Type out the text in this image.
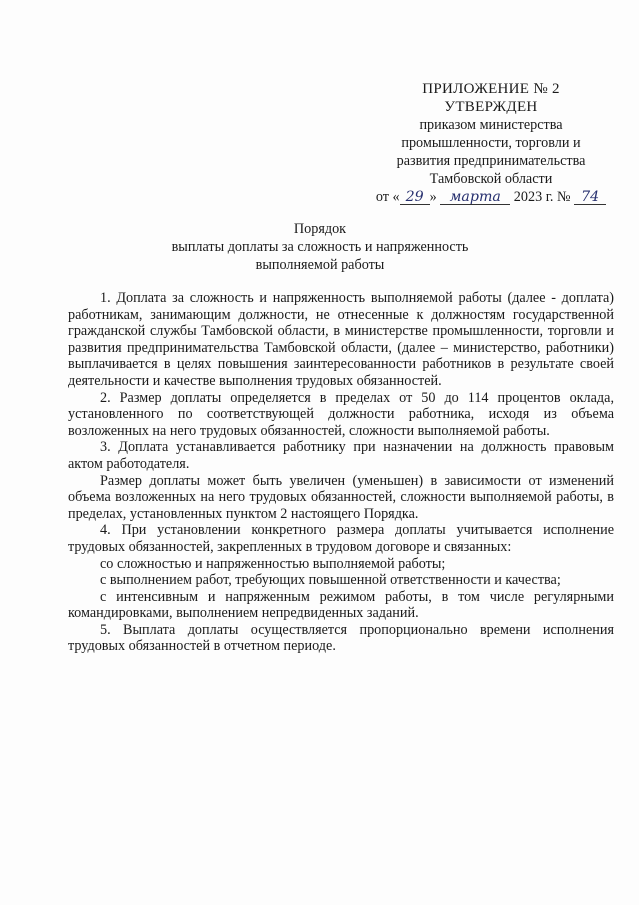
ПРИЛОЖЕНИЕ № 2
УТВЕРЖДЕН
приказом министерства
промышленности, торговли и
развития предпринимательства
Тамбовской области
от « 29 » марта 2023 г. № 74
Порядок
выплаты доплаты за сложность и напряженность
выполняемой работы

1. Доплата за сложность и напряженность выполняемой работы (далее - доплата) работникам, занимающим должности, не отнесенные к должностям государственной гражданской службы Тамбовской области, в министерстве промышленности, торговли и развития предпринимательства Тамбовской области, (далее – министерство, работники) выплачивается в целях повышения заинтересованности работников в результате своей деятельности и качестве выполнения трудовых обязанностей.

2. Размер доплаты определяется в пределах от 50 до 114 процентов оклада, установленного по соответствующей должности работника, исходя из объема возложенных на него трудовых обязанностей, сложности выполняемой работы.

3. Доплата устанавливается работнику при назначении на должность правовым актом работодателя.

Размер доплаты может быть увеличен (уменьшен) в зависимости от изменений объема возложенных на него трудовых обязанностей, сложности выполняемой работы, в пределах, установленных пунктом 2 настоящего Порядка.

4. При установлении конкретного размера доплаты учитывается исполнение трудовых обязанностей, закрепленных в трудовом договоре и связанных:

со сложностью и напряженностью выполняемой работы;

с выполнением работ, требующих повышенной ответственности и качества;

с интенсивным и напряженным режимом работы, в том числе регулярными командировками, выполнением непредвиденных заданий.

5. Выплата доплаты осуществляется пропорционально времени исполнения трудовых обязанностей в отчетном периоде.
